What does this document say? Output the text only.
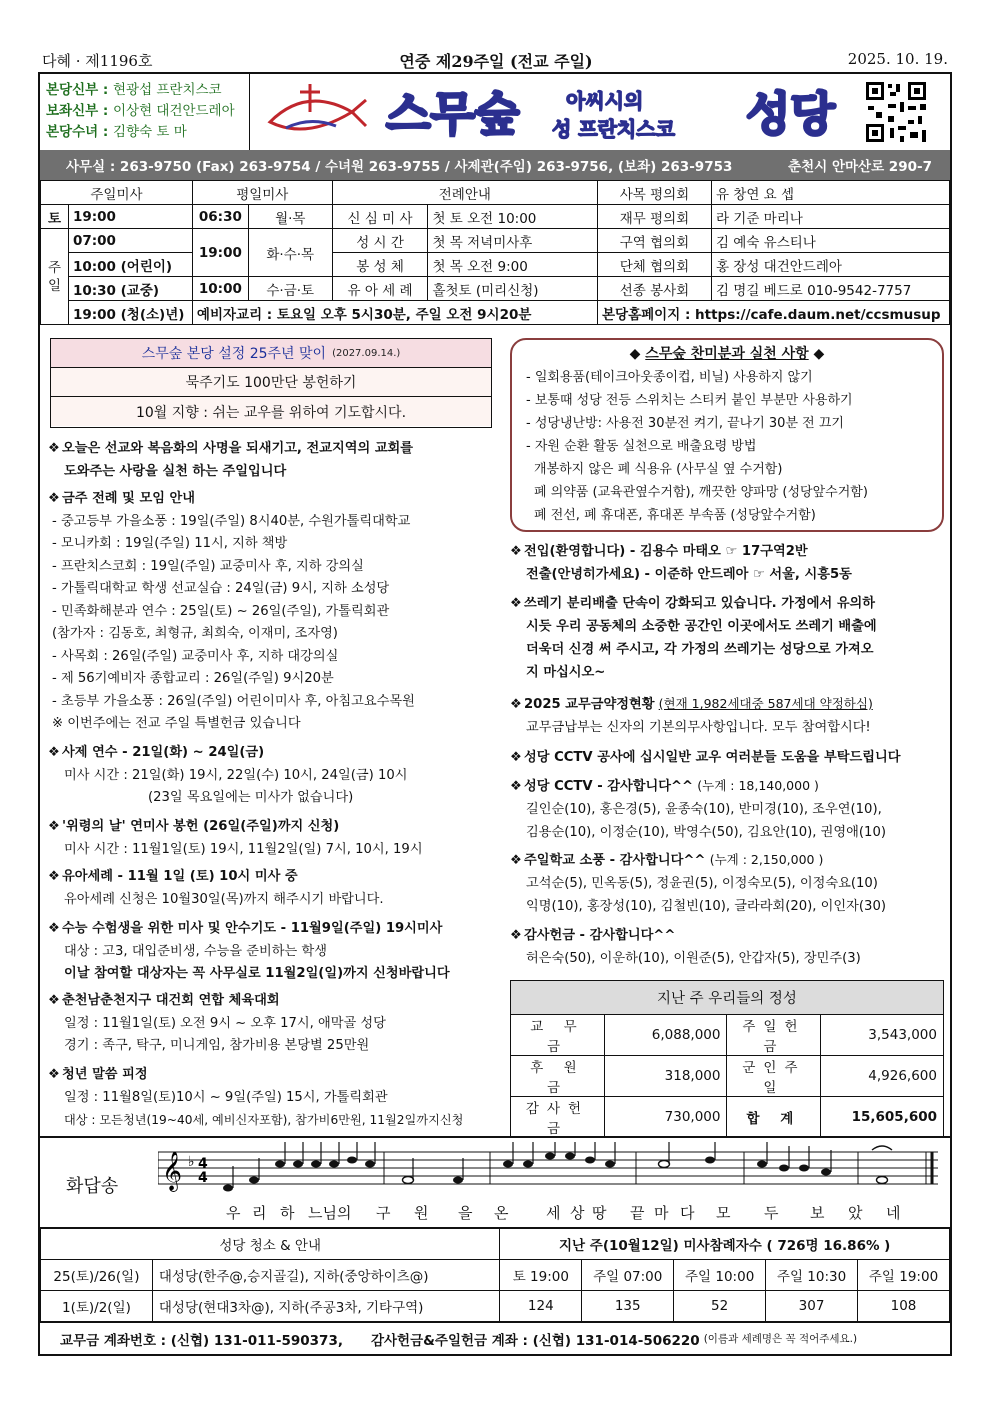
다혜 · 제1196호	연중 제29주일 (전교 주일)	2025. 10. 19.
본당신부 : 현광섭 프란치스코
보좌신부 : 이상현 대건안드레아
본당수녀 : 김향숙 토 마	스무숲 아씨시의
성 프란치스코 성당
사무실 : 263-9750 (Fax) 263-9754 / 수녀원 263-9755 / 사제관(주임) 263-9756, (보좌) 263-9753	춘천시 안마산로 290-7
주일미사		평일미사		전례안내		사목 평의회	유 창연 요 셉
토	19:00	06:30	월·목	신 심 미 사	첫 토 오전 10:00	재무 평의회	라 기준 마리나
주일	07:00	19:00	화·수·목	성 시 간	첫 목 저녁미사후	구역 협의회	김 예숙 유스티나
	10:00 (어린이)			봉 성 체	첫 목 오전 9:00	단체 협의회	홍 장성 대건안드레아
	10:30 (교중)	10:00	수·금·토	유 아 세 례	홀첫토 (미리신청)	선종 봉사회	김 명길 베드로 010-9542-7757
	19:00 (청(소)년)	예비자교리 : 토요일 오후 5시30분, 주일 오전 9시20분				본당홈페이지 : https://cafe.daum.net/ccsmusup	
스무숲 본당 설정 25주년 맞이 (2027.09.14.)
묵주기도 100만단 봉헌하기
10월 지향 : 쉬는 교우를 위하여 기도합시다.
❖ 오늘은 선교와 복음화의 사명을 되새기고, 전교지역의 교회를
도와주는 사랑을 실천 하는 주일입니다
❖ 금주 전례 및 모임 안내
- 중고등부 가을소풍 : 19일(주일) 8시40분, 수원가톨릭대학교
- 모니카회 : 19일(주일) 11시, 지하 책방
- 프란치스코회 : 19일(주일) 교중미사 후, 지하 강의실
- 가톨릭대학교 학생 선교실습 : 24일(금) 9시, 지하 소성당
- 민족화해분과 연수 : 25일(토) ~ 26일(주일), 가톨릭회관
(참가자 : 김동호, 최형규, 최희숙, 이재미, 조자영)
- 사목회 : 26일(주일) 교중미사 후, 지하 대강의실
- 제 56기예비자 종합교리 : 26일(주일) 9시20분
- 초등부 가을소풍 : 26일(주일) 어린이미사 후, 아침고요수목원
※ 이번주에는 전교 주일 특별헌금 있습니다
❖ 사제 연수 - 21일(화) ~ 24일(금)
미사 시간 : 21일(화) 19시, 22일(수) 10시, 24일(금) 10시
(23일 목요일에는 미사가 없습니다)
❖ '위령의 날' 연미사 봉헌 (26일(주일)까지 신청)
미사 시간 : 11월1일(토) 19시, 11월2일(일) 7시, 10시, 19시
❖ 유아세례 - 11월 1일 (토) 10시 미사 중
유아세례 신청은 10월30일(목)까지 해주시기 바랍니다.
❖ 수능 수험생을 위한 미사 및 안수기도 - 11월9일(주일) 19시미사
대상 : 고3, 대입준비생, 수능을 준비하는 학생
이날 참여할 대상자는 꼭 사무실로 11월2일(일)까지 신청바랍니다
❖ 춘천남춘천지구 대건회 연합 체육대회
일정 : 11월1일(토) 오전 9시 ~ 오후 17시, 애막골 성당
경기 : 족구, 탁구, 미니게임, 참가비용 본당별 25만원
❖ 청년 말씀 피정
일정 : 11월8일(토)10시 ~ 9일(주일) 15시, 가톨릭회관
대상 : 모든청년(19~40세, 예비신자포함), 참가비6만원, 11월2일까지신청
◆ 스무숲 찬미분과 실천 사항 ◆
- 일회용품(테이크아웃종이컵, 비닐) 사용하지 않기
- 보통때 성당 전등 스위치는 스티커 붙인 부분만 사용하기
- 성당냉난방: 사용전 30분전 켜기, 끝나기 30분 전 끄기
- 자원 순환 활동 실천으로 배출요령 방법
개봉하지 않은 폐 식용유 (사무실 옆 수거함)
폐 의약품 (교육관옆수거함), 깨끗한 양파망 (성당앞수거함)
폐 전선, 폐 휴대폰, 휴대폰 부속품 (성당앞수거함)
❖ 전입(환영합니다) - 김용수 마태오 ☞ 17구역2반
전출(안녕히가세요) - 이준하 안드레아 ☞ 서울, 시흥5동
❖ 쓰레기 분리배출 단속이 강화되고 있습니다. 가정에서 유의하
시듯 우리 공동체의 소중한 공간인 이곳에서도 쓰레기 배출에
더욱더 신경 써 주시고, 각 가정의 쓰레기는 성당으로 가져오
지 마십시오~
❖ 2025 교무금약정현황 (현재 1,982세대중 587세대 약정하심)
교무금납부는 신자의 기본의무사항입니다. 모두 참여합시다!
❖ 성당 CCTV 공사에 십시일반 교우 여러분들 도움을 부탁드립니다
❖ 성당 CCTV - 감사합니다^^ (누계 : 18,140,000 )
길인순(10), 홍은경(5), 윤종숙(10), 반미경(10), 조우연(10),
김용순(10), 이정순(10), 박영수(50), 김요안(10), 권영애(10)
❖ 주일학교 소풍 - 감사합니다^^ (누계 : 2,150,000 )
고석순(5), 민옥동(5), 정윤권(5), 이정숙모(5), 이정숙요(10)
익명(10), 홍장성(10), 김철빈(10), 글라라회(20), 이인자(30)
❖ 감사헌금 - 감사합니다^^
허은숙(50), 이운하(10), 이원준(5), 안갑자(5), 장민주(3)
지난 주 우리들의 정성			
교 무 금	6,088,000	주일헌금	3,543,000
후 원 금	318,000	군인주일	4,926,600
감사헌금	730,000	합 계	15,605,600
화답송 𝄞 ♭ 4
4
우 리 하 느님의 구 원 을 온	세 상 땅 끝 마 다 모 두 보 았 네
성당 청소 & 안내		지난 주(10월12일) 미사참례자수 ( 726명 16.86% )				
25(토)/26(일)	대성당(한주@,승지골길), 지하(중앙하이츠@)	토 19:00	주일 07:00	주일 10:00	주일 10:30	주일 19:00
1(토)/2(일)	대성당(현대3차@), 지하(주공3차, 기타구역)	124	135	52	307	108
교무금 계좌번호 : (신협) 131-011-590373, 감사헌금&주일헌금 계좌 : (신협) 131-014-506220 (이름과 세례명은 꼭 적어주세요.)
